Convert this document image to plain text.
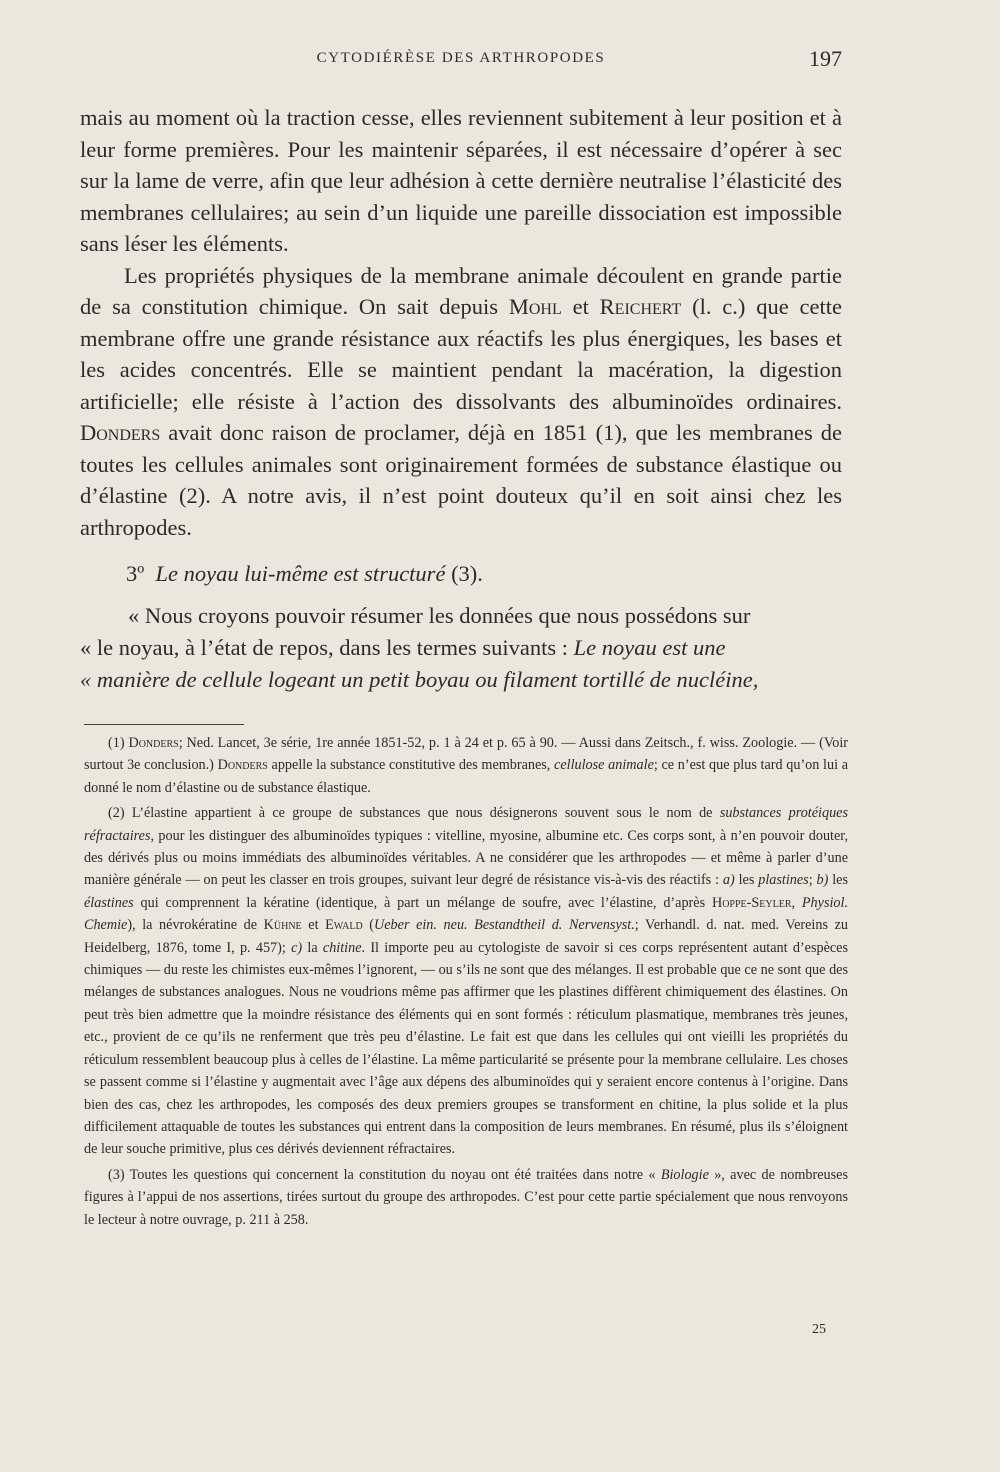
CYTODIÉRÈSE DES ARTHROPODES	197

mais au moment où la traction cesse, elles reviennent subitement à leur position et à leur forme premières. Pour les maintenir séparées, il est nécessaire d’opérer à sec sur la lame de verre, afin que leur adhésion à cette dernière neutralise l’élasticité des membranes cellulaires; au sein d’un liquide une pareille dissociation est impossible sans léser les éléments.

Les propriétés physiques de la membrane animale découlent en grande partie de sa constitution chimique. On sait depuis Mohl et Reichert (l. c.) que cette membrane offre une grande résistance aux réactifs les plus énergiques, les bases et les acides concentrés. Elle se maintient pendant la macération, la digestion artificielle; elle résiste à l’action des dissolvants des albuminoïdes ordinaires. Donders avait donc raison de proclamer, déjà en 1851 (1), que les membranes de toutes les cellules animales sont originairement formées de substance élastique ou d’élastine (2). A notre avis, il n’est point douteux qu’il en soit ainsi chez les arthropodes.

3º Le noyau lui-même est structuré (3).
« Nous croyons pouvoir résumer les données que nous possédons sur
« le noyau, à l’état de repos, dans les termes suivants : Le noyau est une
« manière de cellule logeant un petit boyau ou filament tortillé de nucléine,

(1) Donders; Ned. Lancet, 3e série, 1re année 1851-52, p. 1 à 24 et p. 65 à 90. — Aussi dans Zeitsch., f. wiss. Zoologie. — (Voir surtout 3e conclusion.) Donders appelle la substance constitutive des membranes, cellulose animale; ce n’est que plus tard qu’on lui a donné le nom d’élastine ou de substance élastique.

(2) L’élastine appartient à ce groupe de substances que nous désignerons souvent sous le nom de substances protéiques réfractaires, pour les distinguer des albuminoïdes typiques : vitelline, myosine, albumine etc. Ces corps sont, à n’en pouvoir douter, des dérivés plus ou moins immédiats des albuminoïdes véritables. A ne considérer que les arthropodes — et même à parler d’une manière générale — on peut les classer en trois groupes, suivant leur degré de résistance vis-à-vis des réactifs : a) les plastines; b) les élastines qui comprennent la kératine (identique, à part un mélange de soufre, avec l’élastine, d’après Hoppe-Seyler, Physiol. Chemie), la névrokératine de Kühne et Ewald (Ueber ein. neu. Bestandtheil d. Nervensyst.; Verhandl. d. nat. med. Vereins zu Heidelberg, 1876, tome I, p. 457); c) la chitine. Il importe peu au cytologiste de savoir si ces corps représentent autant d’espèces chimiques — du reste les chimistes eux-mêmes l’ignorent, — ou s’ils ne sont que des mélanges. Il est probable que ce ne sont que des mélanges de substances analogues. Nous ne voudrions même pas affirmer que les plastines diffèrent chimiquement des élastines. On peut très bien admettre que la moindre résistance des éléments qui en sont formés : réticulum plasmatique, membranes très jeunes, etc., provient de ce qu’ils ne renferment que très peu d’élastine. Le fait est que dans les cellules qui ont vieilli les propriétés du réticulum ressemblent beaucoup plus à celles de l’élastine. La même particularité se présente pour la membrane cellulaire. Les choses se passent comme si l’élastine y augmentait avec l’âge aux dépens des albuminoïdes qui y seraient encore contenus à l’origine. Dans bien des cas, chez les arthropodes, les composés des deux premiers groupes se transforment en chitine, la plus solide et la plus difficilement attaquable de toutes les substances qui entrent dans la composition de leurs membranes. En résumé, plus ils s’éloignent de leur souche primitive, plus ces dérivés deviennent réfractaires.

(3) Toutes les questions qui concernent la constitution du noyau ont été traitées dans notre « Biologie », avec de nombreuses figures à l’appui de nos assertions, tirées surtout du groupe des arthropodes. C’est pour cette partie spécialement que nous renvoyons le lecteur à notre ouvrage, p. 211 à 258.

25
